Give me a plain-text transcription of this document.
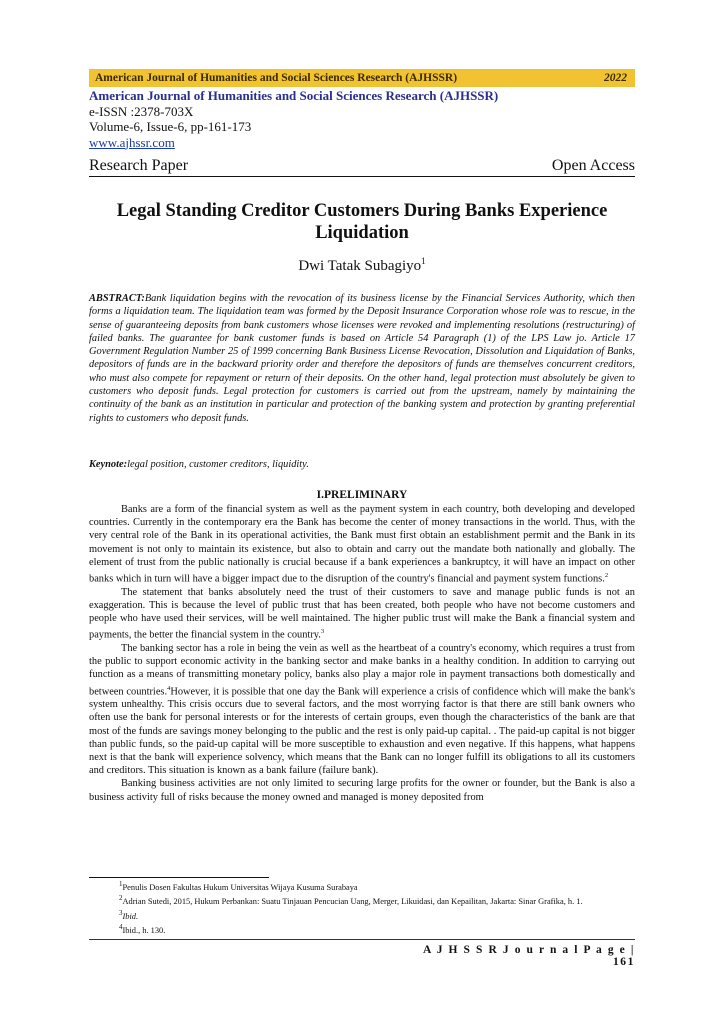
American Journal of Humanities and Social Sciences Research (AJHSSR)	2022
American Journal of Humanities and Social Sciences Research (AJHSSR)
e-ISSN :2378-703X
Volume-6, Issue-6, pp-161-173
www.ajhssr.com
Research Paper	Open Access
Legal Standing Creditor Customers During Banks Experience Liquidation
Dwi Tatak Subagiyo$^1$
ABSTRACT:Bank liquidation begins with the revocation of its business license by the Financial Services Authority, which then forms a liquidation team. The liquidation team was formed by the Deposit Insurance Corporation whose role was to rescue, in the sense of guaranteeing deposits from bank customers whose licenses were revoked and implementing resolutions (restructuring) of failed banks. The guarantee for bank customer funds is based on Article 54 Paragraph (1) of the LPS Law jo. Article 17 Government Regulation Number 25 of 1999 concerning Bank Business License Revocation, Dissolution and Liquidation of Banks, depositors of funds are in the backward priority order and therefore the depositors of funds are themselves concurrent creditors, who must also compete for repayment or return of their deposits. On the other hand, legal protection must absolutely be given to customers who deposit funds. Legal protection for customers is carried out from the upstream, namely by maintaining the continuity of the bank as an institution in particular and protection of the banking system and protection by granting preferential rights to customers who deposit funds.
Keynote:legal position, customer creditors, liquidity.
I.PRELIMINARY

Banks are a form of the financial system as well as the payment system in each country, both developing and developed countries. Currently in the contemporary era the Bank has become the center of money transactions in the world. Thus, with the very central role of the Bank in its operational activities, the Bank must first obtain an establishment permit and the Bank in its movement is not only to maintain its existence, but also to obtain and carry out the mandate both nationally and globally. The element of trust from the public nationally is crucial because if a bank experiences a bankruptcy, it will have an impact on other banks which in turn will have a bigger impact due to the disruption of the country's financial and payment system functions.$^2$

The statement that banks absolutely need the trust of their customers to save and manage public funds is not an exaggeration. This is because the level of public trust that has been created, both people who have not become customers and people who have used their services, will be well maintained. The higher public trust will make the Bank a financial system and payments, the better the financial system in the country.$^3$

The banking sector has a role in being the vein as well as the heartbeat of a country's economy, which requires a trust from the public to support economic activity in the banking sector and make banks in a healthy condition. In addition to carrying out function as a means of transmitting monetary policy, banks also play a major role in payment transactions both domestically and between countries.$^4$However, it is possible that one day the Bank will experience a crisis of confidence which will make the bank's system unhealthy. This crisis occurs due to several factors, and the most worrying factor is that there are still bank owners who often use the bank for personal interests or for the interests of certain groups, even though the characteristics of the bank are that most of the funds are savings money belonging to the public and the rest is only paid-up capital. . The paid-up capital is not bigger than public funds, so the paid-up capital will be more susceptible to exhaustion and even negative. If this happens, what happens next is that the bank will experience solvency, which means that the Bank can no longer fulfill its obligations to all its customers and creditors. This situation is known as a bank failure (failure bank).

Banking business activities are not only limited to securing large profits for the owner or founder, but the Bank is also a business activity full of risks because the money owned and managed is money deposited from

$^1$Penulis Dosen Fakultas Hukum Universitas Wijaya Kusuma Surabaya
$^2$Adrian Sutedi, 2015, Hukum Perbankan: Suatu Tinjauan Pencucian Uang, Merger, Likuidasi, dan Kepailitan, Jakarta: Sinar Grafika, h. 1.
$^3$Ibid.
$^4$Ibid., h. 130.
A J H S S R J o u r n a l P a g e | 161
